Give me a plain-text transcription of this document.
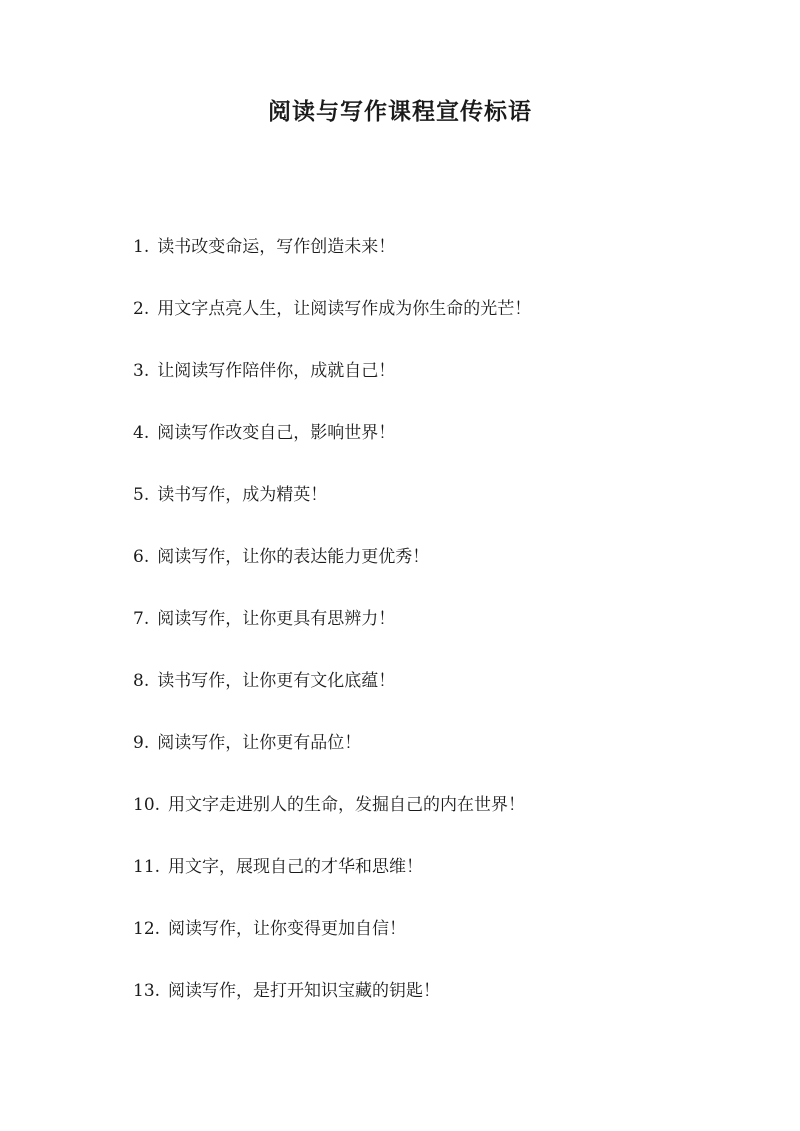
阅读与写作课程宣传标语
1 . 读书改变命运，写作创造未来！
2 . 用文字点亮人生，让阅读写作成为你生命的光芒！
3 . 让阅读写作陪伴你，成就自己！
4 . 阅读写作改变自己，影响世界！
5 . 读书写作，成为精英！
6 . 阅读写作，让你的表达能力更优秀！
7 . 阅读写作，让你更具有思辨力！
8 . 读书写作，让你更有文化底蕴！
9 . 阅读写作，让你更有品位！
10 . 用文字走进别人的生命，发掘自己的内在世界！
11 . 用文字，展现自己的才华和思维！
12 . 阅读写作，让你变得更加自信！
13 . 阅读写作，是打开知识宝藏的钥匙！
